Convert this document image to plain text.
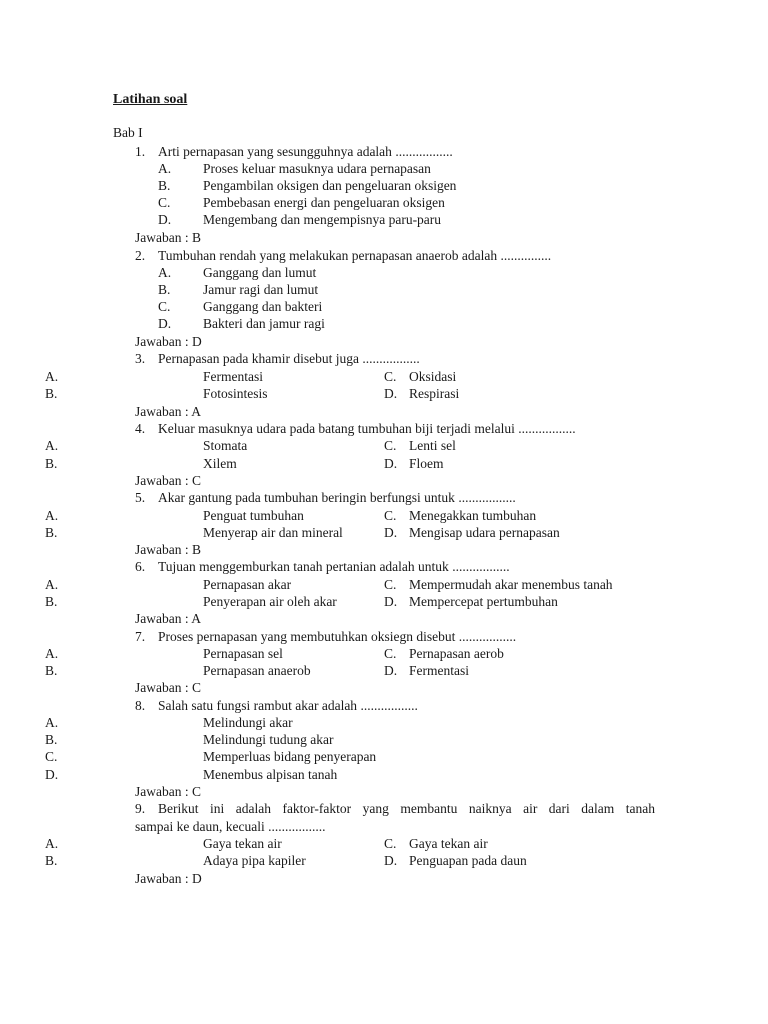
Latihan soal
Bab I
1. Arti pernapasan yang sesungguhnya adalah .................
A. Proses keluar masuknya udara pernapasan
B. Pengambilan oksigen dan pengeluaran oksigen
C. Pembebasan energi dan pengeluaran oksigen
D. Mengembang dan mengempisnya paru-paru
Jawaban : B
2. Tumbuhan rendah yang melakukan pernapasan anaerob adalah ...............
A. Ganggang dan lumut
B. Jamur ragi dan lumut
C. Ganggang dan bakteri
D. Bakteri dan jamur ragi
Jawaban : D
3. Pernapasan pada khamir disebut juga .................
A.	Fermentasi	C. Oksidasi
B.	Fotosintesis	D. Respirasi
Jawaban : A
4. Keluar masuknya udara pada batang tumbuhan biji terjadi melalui .................
A.	Stomata	C. Lenti sel
B.	Xilem	D. Floem
Jawaban : C
5. Akar gantung pada tumbuhan beringin berfungsi untuk .................
A.	Penguat tumbuhan	C. Menegakkan tumbuhan
B.	Menyerap air dan mineral	D. Mengisap udara pernapasan
Jawaban : B
6. Tujuan menggemburkan tanah pertanian adalah untuk .................
A.	Pernapasan akar	C. Mempermudah akar menembus tanah
B.	Penyerapan air oleh akar	D. Mempercepat pertumbuhan
Jawaban : A
7. Proses pernapasan yang membutuhkan oksiegn disebut .................
A.	Pernapasan sel	C. Pernapasan aerob
B.	Pernapasan anaerob	D. Fermentasi
Jawaban : C
8. Salah satu fungsi rambut akar adalah .................
A.	Melindungi akar
B.	Melindungi tudung akar
C.	Memperluas bidang penyerapan
D.	Menembus alpisan tanah
Jawaban : C
9. Berikut ini adalah faktor-faktor yang membantu naiknya air dari dalam tanah
sampai ke daun, kecuali .................
A.	Gaya tekan air	C. Gaya tekan air
B.	Adaya pipa kapiler	D. Penguapan pada daun
Jawaban : D
